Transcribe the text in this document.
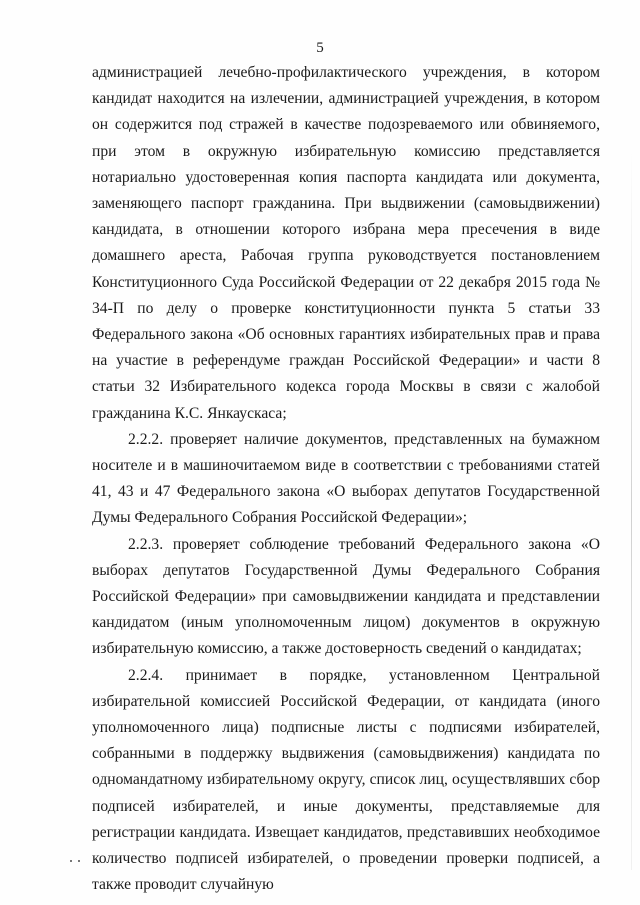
5

администрацией лечебно-профилактического учреждения, в котором кандидат находится на излечении, администрацией учреждения, в котором он содержится под стражей в качестве подозреваемого или обвиняемого, при этом в окружную избирательную комиссию представляется нотариально удостоверенная копия паспорта кандидата или документа, заменяющего паспорт гражданина. При выдвижении (самовыдвижении) кандидата, в отношении которого избрана мера пресечения в виде домашнего ареста, Рабочая группа руководствуется постановлением Конституционного Суда Российской Федерации от 22 декабря 2015 года № 34-П по делу о проверке конституционности пункта 5 статьи 33 Федерального закона «Об основных гарантиях избирательных прав и права на участие в референдуме граждан Российской Федерации» и части 8 статьи 32 Избирательного кодекса города Москвы в связи с жалобой гражданина К.С. Янкаускаса;

2.2.2. проверяет наличие документов, представленных на бумажном носителе и в машиночитаемом виде в соответствии с требованиями статей 41, 43 и 47 Федерального закона «О выборах депутатов Государственной Думы Федерального Собрания Российской Федерации»;

2.2.3. проверяет соблюдение требований Федерального закона «О выборах депутатов Государственной Думы Федерального Собрания Российской Федерации» при самовыдвижении кандидата и представлении кандидатом (иным уполномоченным лицом) документов в окружную избирательную комиссию, а также достоверность сведений о кандидатах;

2.2.4. принимает в порядке, установленном Центральной избирательной комиссией Российской Федерации, от кандидата (иного уполномоченного лица) подписные листы с подписями избирателей, собранными в поддержку выдвижения (самовыдвижения) кандидата по одномандатному избирательному округу, список лиц, осуществлявших сбор подписей избирателей, и иные документы, представляемые для регистрации кандидата. Извещает кандидатов, представивших необходимое количество подписей избирателей, о проведении проверки подписей, а также проводит случайную
